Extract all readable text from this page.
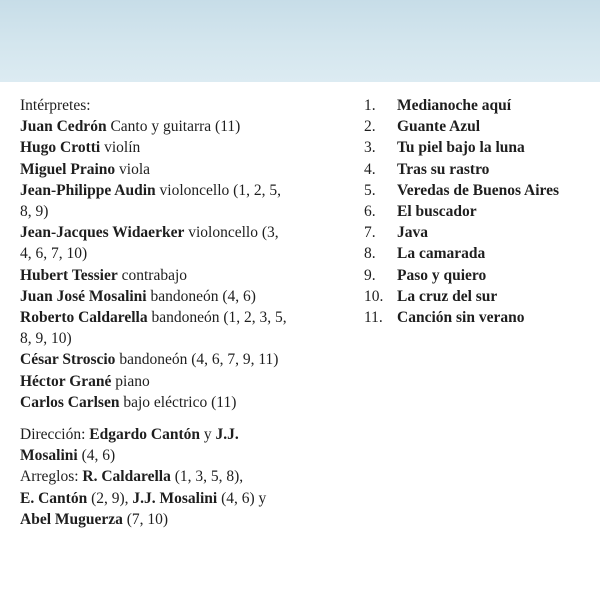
Intérpretes:

Juan Cedrón Canto y guitarra (11)

Hugo Crotti violín

Miguel Praino viola

Jean-Philippe Audin violoncello (1, 2, 5,

8, 9)

Jean-Jacques Widaerker violoncello (3,

4, 6, 7, 10)

Hubert Tessier contrabajo

Juan José Mosalini bandoneón (4, 6)

Roberto Caldarella bandoneón (1, 2, 3, 5,

8, 9, 10)

César Stroscio bandoneón (4, 6, 7, 9, 11)

Héctor Grané piano

Carlos Carlsen bajo eléctrico (11)

Dirección: Edgardo Cantón y J.J.

Mosalini (4, 6)

Arreglos: R. Caldarella (1, 3, 5, 8),

E. Cantón (2, 9), J.J. Mosalini (4, 6) y

Abel Muguerza (7, 10)

1.	Medianoche aquí

2.	Guante Azul

3.	Tu piel bajo la luna

4.	Tras su rastro

5.	Veredas de Buenos Aires

6.	El buscador

7.	Java

8.	La camarada

9.	Paso y quiero

10. La cruz del sur

11. Canción sin verano
